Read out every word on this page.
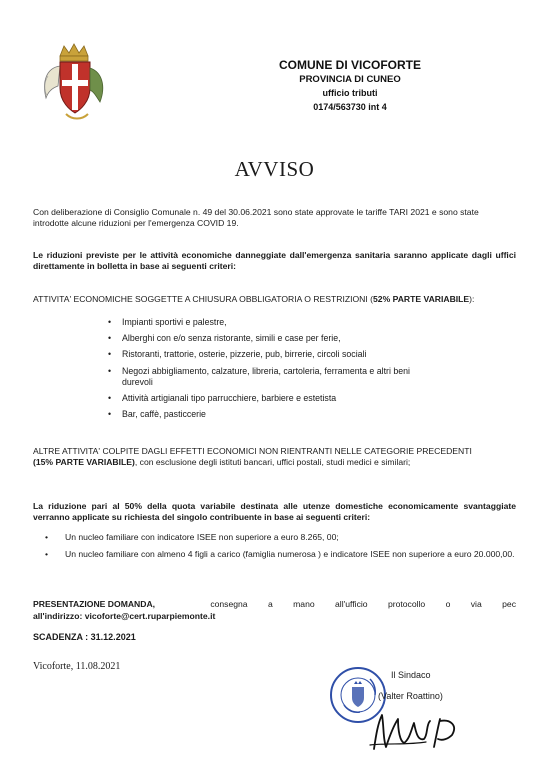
COMUNE DI VICOFORTE
PROVINCIA DI CUNEO
ufficio tributi
0174/563730 int 4
AVVISO
Con deliberazione di Consiglio Comunale n. 49 del 30.06.2021 sono state approvate le tariffe TARI 2021 e sono state introdotte alcune riduzioni per l'emergenza COVID 19.
Le riduzioni previste per le attività economiche danneggiate dall'emergenza sanitaria saranno applicate dagli uffici direttamente in bolletta in base ai seguenti criteri:
ATTIVITA' ECONOMICHE SOGGETTE A CHIUSURA OBBLIGATORIA O RESTRIZIONI (52% PARTE VARIABILE):
• Impianti sportivi e palestre,
• Alberghi con e/o senza ristorante, simili e case per ferie,
• Ristoranti, trattorie, osterie, pizzerie, pub, birrerie, circoli sociali
• Negozi abbigliamento, calzature, libreria, cartoleria, ferramenta e altri beni durevoli
• Attività artigianali tipo parrucchiere, barbiere e estetista
• Bar, caffè, pasticcerie
ALTRE ATTIVITA' COLPITE DAGLI EFFETTI ECONOMICI NON RIENTRANTI NELLE CATEGORIE PRECEDENTI
(15% PARTE VARIABILE), con esclusione degli istituti bancari, uffici postali, studi medici e similari;
La riduzione pari al 50% della quota variabile destinata alle utenze domestiche economicamente svantaggiate verranno applicate su richiesta del singolo contribuente in base ai seguenti criteri:
• Un nucleo familiare con indicatore ISEE non superiore a euro 8.265, 00;
• Un nucleo familiare con almeno 4 figli a carico (famiglia numerosa ) e indicatore ISEE non superiore a euro 20.000,00.
PRESENTAZIONE DOMANDA,	consegna a mano all'ufficio protocollo o via pec
all'indirizzo: vicoforte@cert.ruparpiemonte.it
SCADENZA : 31.12.2021
Vicoforte, 11.08.2021
Il Sindaco
(Valter Roattino)
